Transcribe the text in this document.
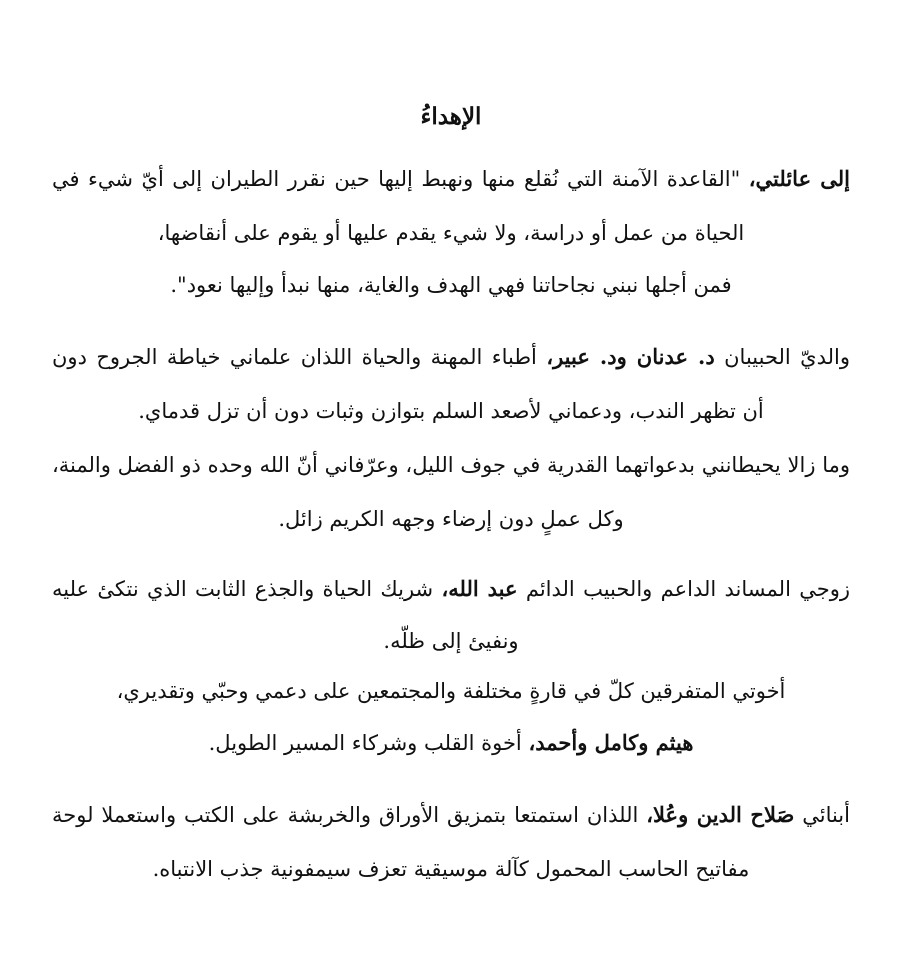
الإهداءُ
إلى عائلتي، "القاعدة الآمنة التي نُقلع منها ونهبط إليها حين نقرر الطيران إلى أيّ شيء في
الحياة من عمل أو دراسة، ولا شيء يقدم عليها أو يقوم على أنقاضها،
فمن أجلها نبني نجاحاتنا فهي الهدف والغاية، منها نبدأ وإليها نعود".
والديّ الحبيبان د. عدنان ود. عبير، أطباء المهنة والحياة اللذان علماني خياطة الجروح دون
أن تظهر الندب، ودعماني لأصعد السلم بتوازن وثبات دون أن تزل قدماي.
وما زالا يحيطانني بدعواتهما القدرية في جوف الليل، وعرّفاني أنّ الله وحده ذو الفضل والمنة،
وكل عملٍ دون إرضاء وجهه الكريم زائل.
زوجي المساند الداعم والحبيب الدائم عبد الله، شريك الحياة والجذع الثابت الذي نتكئ عليه
ونفيئ إلى ظلّه.
أخوتي المتفرقين كلّ في قارةٍ مختلفة والمجتمعين على دعمي وحبّي وتقديري،
هيثم وكامل وأحمد، أخوة القلب وشركاء المسير الطويل.
أبنائي صَلاح الدين وعُلا، اللذان استمتعا بتمزيق الأوراق والخربشة على الكتب واستعملا لوحة
مفاتيح الحاسب المحمول كآلة موسيقية تعزف سيمفونية جذب الانتباه.
